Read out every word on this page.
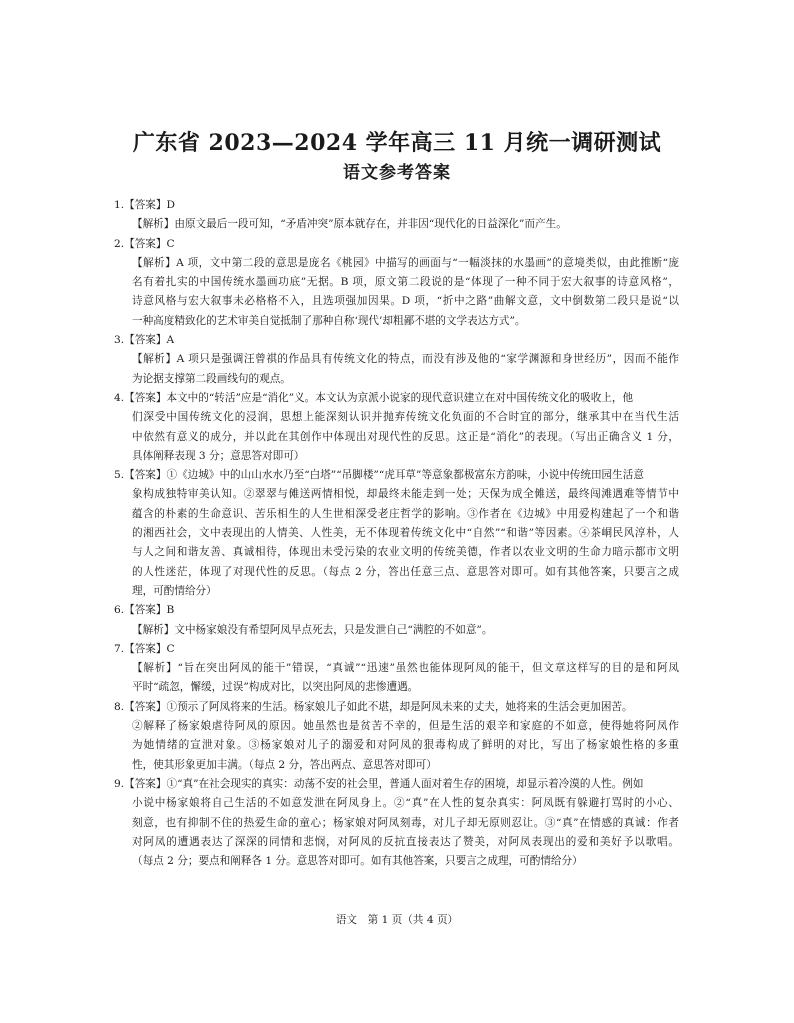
广东省 2023—2024 学年高三 11 月统一调研测试
语文参考答案
1.【答案】D
【解析】由原文最后一段可知，“矛盾冲突”原本就存在，并非因“现代化的日益深化”而产生。
2.【答案】C
【解析】A 项，文中第二段的意思是庞名《桃园》中描写的画面与“一幅淡抹的水墨画”的意境类似，由此推断“庞
名有着扎实的中国传统水墨画功底”无据。B 项，原文第二段说的是“体现了一种不同于宏大叙事的诗意风格”，
诗意风格与宏大叙事未必格格不入，且选项强加因果。D 项，“折中之路”曲解文意，文中倒数第二段只是说“以
一种高度精致化的艺术审美自觉抵制了那种自称‘现代’却粗鄙不堪的文学表达方式”。
3.【答案】A
【解析】A 项只是强调汪曾祺的作品具有传统文化的特点，而没有涉及他的“家学渊源和身世经历”，因而不能作
为论据支撑第二段画线句的观点。
4.【答案】本文中的“转活”应是“消化”义。本文认为京派小说家的现代意识建立在对中国传统文化的吸收上，他
们深受中国传统文化的浸润，思想上能深刻认识并抛弃传统文化负面的不合时宜的部分，继承其中在当代生活
中依然有意义的成分，并以此在其创作中体现出对现代性的反思。这正是“消化”的表现。（写出正确含义 1 分，
具体阐释表现 3 分；意思答对即可）
5.【答案】①《边城》中的山山水水乃至“白塔”“吊脚楼”“虎耳草”等意象都极富东方韵味，小说中传统田园生活意
象构成独特审美认知。②翠翠与傩送两情相悦，却最终未能走到一处；天保为成全傩送，最终闯滩遇难等情节中
蕴含的朴素的生命意识、苦乐相生的人生世相深受老庄哲学的影响。③作者在《边城》中用爱构建起了一个和谐
的湘西社会，文中表现出的人情美、人性美，无不体现着传统文化中“自然”“和谐”等因素。④茶峒民风淳朴，人
与人之间和谐友善、真诚相待，体现出未受污染的农业文明的传统美德，作者以农业文明的生命力暗示都市文明
的人性迷茫，体现了对现代性的反思。（每点 2 分，答出任意三点、意思答对即可。如有其他答案，只要言之成
理，可酌情给分）
6.【答案】B
【解析】文中杨家娘没有希望阿凤早点死去，只是发泄自己“满腔的不如意”。
7.【答案】C
【解析】“旨在突出阿凤的能干”错误，“真诚”“迅速”虽然也能体现阿凤的能干，但文章这样写的目的是和阿凤
平时“疏忽，懈缓，过误”构成对比，以突出阿凤的悲惨遭遇。
8.【答案】①预示了阿凤将来的生活。杨家娘儿子如此不堪，却是阿凤未来的丈夫，她将来的生活会更加困苦。
②解释了杨家娘虐待阿凤的原因。她虽然也是贫苦不幸的，但是生活的艰辛和家庭的不如意，使得她将阿凤作
为她情绪的宣泄对象。③杨家娘对儿子的溺爱和对阿凤的狠毒构成了鲜明的对比，写出了杨家娘性格的多重
性，使其形象更加丰满。（每点 2 分，答出两点、意思答对即可）
9.【答案】①“真”在社会现实的真实：动荡不安的社会里，普通人面对着生存的困境，却显示着冷漠的人性。例如
小说中杨家娘将自己生活的不如意发泄在阿凤身上。②“真”在人性的复杂真实：阿凤既有躲避打骂时的小心、
刻意，也有抑制不住的热爱生命的童心；杨家娘对阿凤刻毒，对儿子却无原则忍让。③“真”在情感的真诚：作者
对阿凤的遭遇表达了深深的同情和悲悯，对阿凤的反抗直接表达了赞美，对阿凤表现出的爱和美好予以歌唱。
（每点 2 分；要点和阐释各 1 分。意思答对即可。如有其他答案，只要言之成理，可酌情给分）
语文　第 1 页（共 4 页）
